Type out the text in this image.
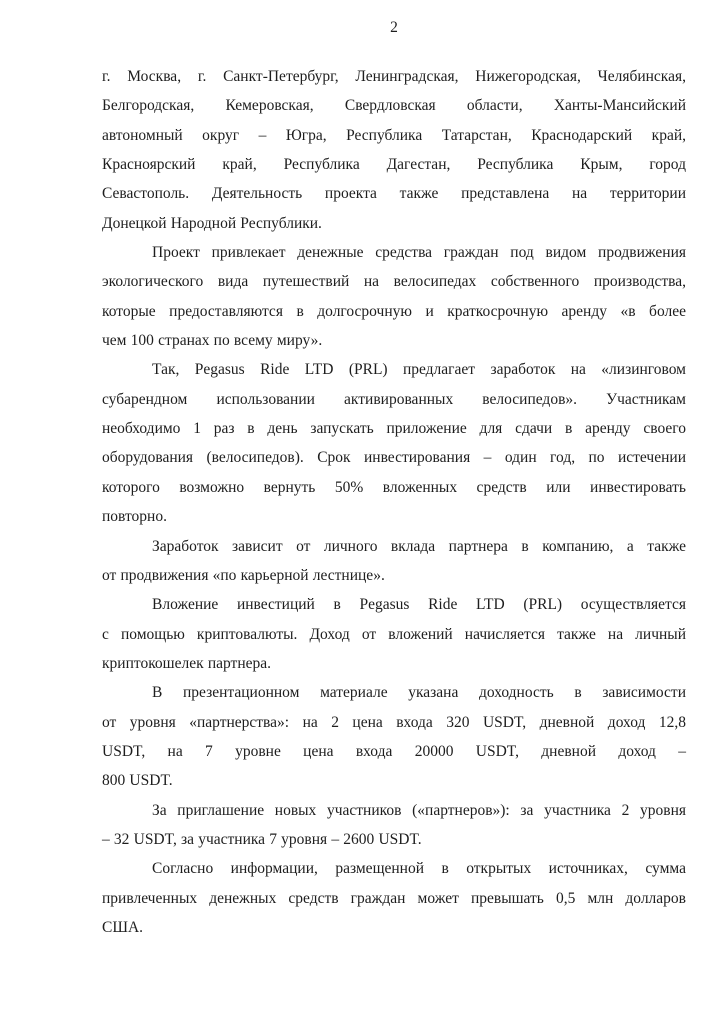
2
г. Москва, г. Санкт-Петербург, Ленинградская, Нижегородская, Челябинская,
Белгородская, Кемеровская, Свердловская области, Ханты-Мансийский
автономный округ – Югра, Республика Татарстан, Краснодарский край,
Красноярский край, Республика Дагестан, Республика Крым, город
Севастополь. Деятельность проекта также представлена на территории
Донецкой Народной Республики.
Проект привлекает денежные средства граждан под видом продвижения
экологического вида путешествий на велосипедах собственного производства,
которые предоставляются в долгосрочную и краткосрочную аренду «в более
чем 100 странах по всему миру».
Так, Pegasus Ride LTD (PRL) предлагает заработок на «лизинговом
субарендном использовании активированных велосипедов». Участникам
необходимо 1 раз в день запускать приложение для сдачи в аренду своего
оборудования (велосипедов). Срок инвестирования – один год, по истечении
которого возможно вернуть 50% вложенных средств или инвестировать
повторно.
Заработок зависит от личного вклада партнера в компанию, а также
от продвижения «по карьерной лестнице».
Вложение инвестиций в Pegasus Ride LTD (PRL) осуществляется
с помощью криптовалюты. Доход от вложений начисляется также на личный
криптокошелек партнера.
В презентационном материале указана доходность в зависимости
от уровня «партнерства»: на 2 цена входа 320 USDT, дневной доход 12,8
USDT, на 7 уровне цена входа 20000 USDT, дневной доход –
800 USDT.
За приглашение новых участников («партнеров»): за участника 2 уровня
– 32 USDT, за участника 7 уровня – 2600 USDT.
Согласно информации, размещенной в открытых источниках, сумма
привлеченных денежных средств граждан может превышать 0,5 млн долларов
США.
